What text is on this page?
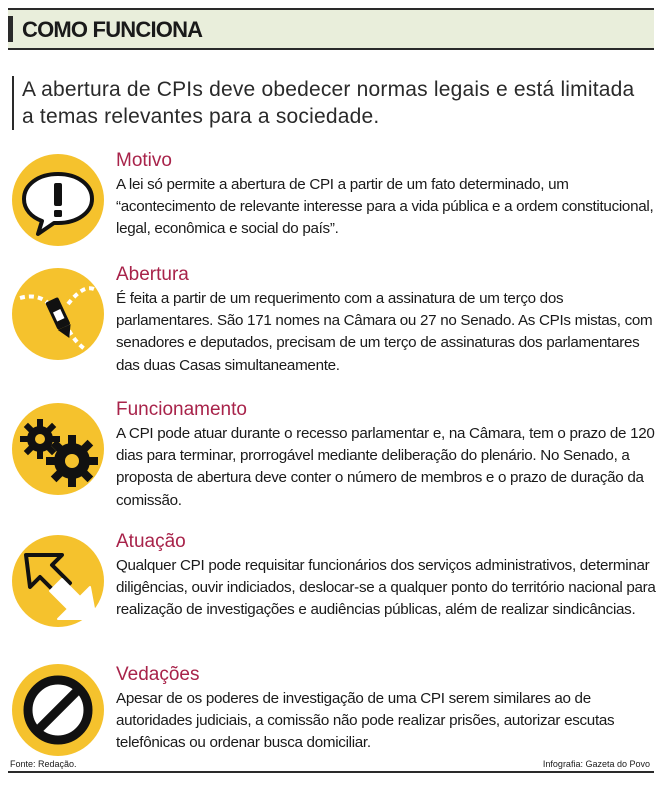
COMO FUNCIONA
A abertura de CPIs deve obedecer normas legais e está limitada a temas relevantes para a sociedade.
Motivo
A lei só permite a abertura de CPI a partir de um fato determinado, um “acontecimento de relevante interesse para a vida pública e a ordem constitucional, legal, econômica e social do país”.
Abertura
É feita a partir de um requerimento com a assinatura de um terço dos parlamentares. São 171 nomes na Câmara ou 27 no Senado. As CPIs mistas, com senadores e deputados, precisam de um terço de assinaturas dos parlamentares das duas Casas simultaneamente.
Funcionamento
A CPI pode atuar durante o recesso parlamentar e, na Câmara, tem o prazo de 120 dias para terminar, prorrogável mediante deliberação do plenário. No Senado, a proposta de abertura deve conter o número de membros e o prazo de duração da comissão.
Atuação
Qualquer CPI pode requisitar funcionários dos serviços administrativos, determinar diligências, ouvir indiciados, deslocar-se a qualquer ponto do território nacional para realização de investigações e audiências públicas, além de realizar sindicâncias.
Vedações
Apesar de os poderes de investigação de uma CPI serem similares ao de autoridades judiciais, a comissão não pode realizar prisões, autorizar escutas telefônicas ou ordenar busca domiciliar.
Fonte: Redação.	Infografia: Gazeta do Povo
